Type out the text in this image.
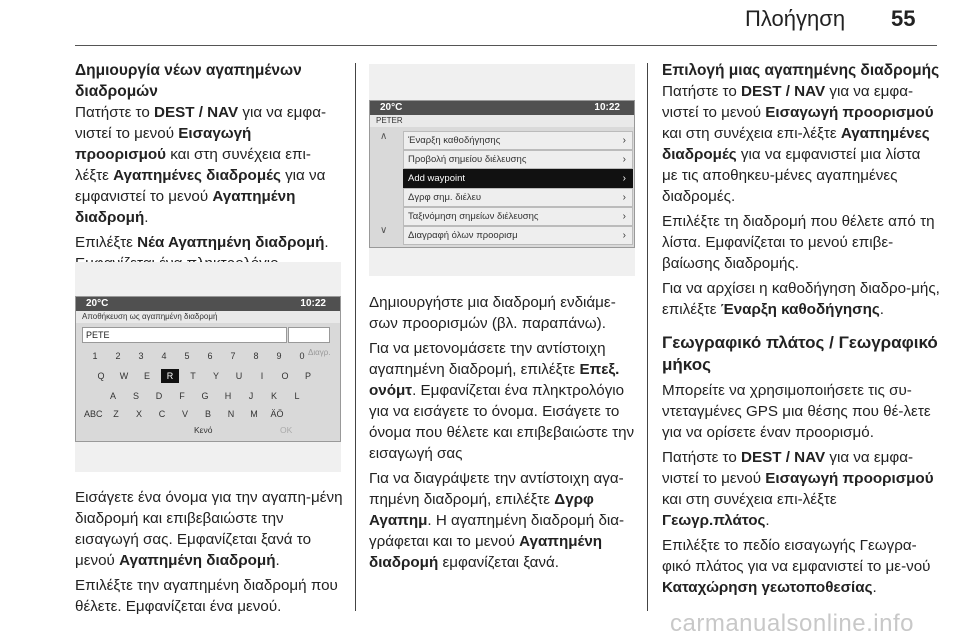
Πλοήγηση 55
Δημιουργία νέων αγαπημένων διαδρομών

Πατήστε το DEST / NAV για να εμφα‐νιστεί το μενού Εισαγωγή προορισμού και στη συνέχεια επι‐λέξτε Αγαπημένες διαδρομές για να εμφανιστεί το μενού Αγαπημένη διαδρομή.

Επιλέξτε Νέα Αγαπημένη διαδρομή.

20°C	10:22
Αποθήκευση ως αγαπημένη διαδρομή
PETE
1	2	3	4	5	6	7	8	9	0
Q	W	E	R	T	Y	U	I	O	P
A	S	D	F	G	H	J	K	L
ABC	Z	X	C	V	B	N	M	ÄÖ
Διαγρ.
Κενό	OK

Εισάγετε ένα όνομα για την αγαπη‐μένη διαδρομή και επιβεβαιώστε την εισαγωγή σας. Εμφανίζεται ξανά το μενού Αγαπημένη διαδρομή.

Επιλέξτε την αγαπημένη διαδρομή που θέλετε. Εμφανίζεται ένα μενού.

20°C	10:22
PETER
∧
∨
Έναρξη καθοδήγησης	›
Προβολή σημείου διέλευσης	›
Add waypoint	›
Δγρφ σημ. διέλευ	›
Ταξινόμηση σημείων διέλευσης	›
Διαγραφή όλων προορισμ	›

Δημιουργήστε μια διαδρομή ενδιάμε‐σων προορισμών (βλ. παραπάνω).

Για να μετονομάσετε την αντίστοιχη αγαπημένη διαδρομή, επιλέξτε Επεξ. ονόμτ. Εμφανίζεται ένα πληκτρολόγιο για να εισάγετε το όνομα. Εισάγετε το όνομα που θέλετε και επιβεβαιώστε την εισαγωγή σας

Για να διαγράψετε την αντίστοιχη αγα‐πημένη διαδρομή, επιλέξτε Δγρφ Αγαπημ. Η αγαπημένη διαδρομή δια‐γράφεται και το μενού Αγαπημένη διαδρομή εμφανίζεται ξανά.

Επιλογή μιας αγαπημένης διαδρομής

Πατήστε το DEST / NAV για να εμφα‐νιστεί το μενού Εισαγωγή προορισμού και στη συνέχεια επι‐λέξτε Αγαπημένες διαδρομές για να εμφανιστεί μια λίστα με τις αποθηκευ‐μένες αγαπημένες διαδρομές.

Επιλέξτε τη διαδρομή που θέλετε από τη λίστα. Εμφανίζεται το μενού επιβε‐βαίωσης διαδρομής.

Για να αρχίσει η καθοδήγηση διαδρο‐μής, επιλέξτε Έναρξη καθοδήγησης.

Γεωγραφικό πλάτος / Γεωγραφικό μήκος

Μπορείτε να χρησιμοποιήσετε τις συ‐ντεταγμένες GPS μια θέσης που θέ‐λετε για να ορίσετε έναν προορισμό.

Πατήστε το DEST / NAV για να εμφα‐νιστεί το μενού Εισαγωγή προορισμού και στη συνέχεια επι‐λέξτε Γεωγρ.πλάτος.

Επιλέξτε το πεδίο εισαγωγής Γεωγρα‐φικό πλάτος για να εμφανιστεί το με‐νού Καταχώρηση γεωτοποθεσίας.

carmanualsonline.info
